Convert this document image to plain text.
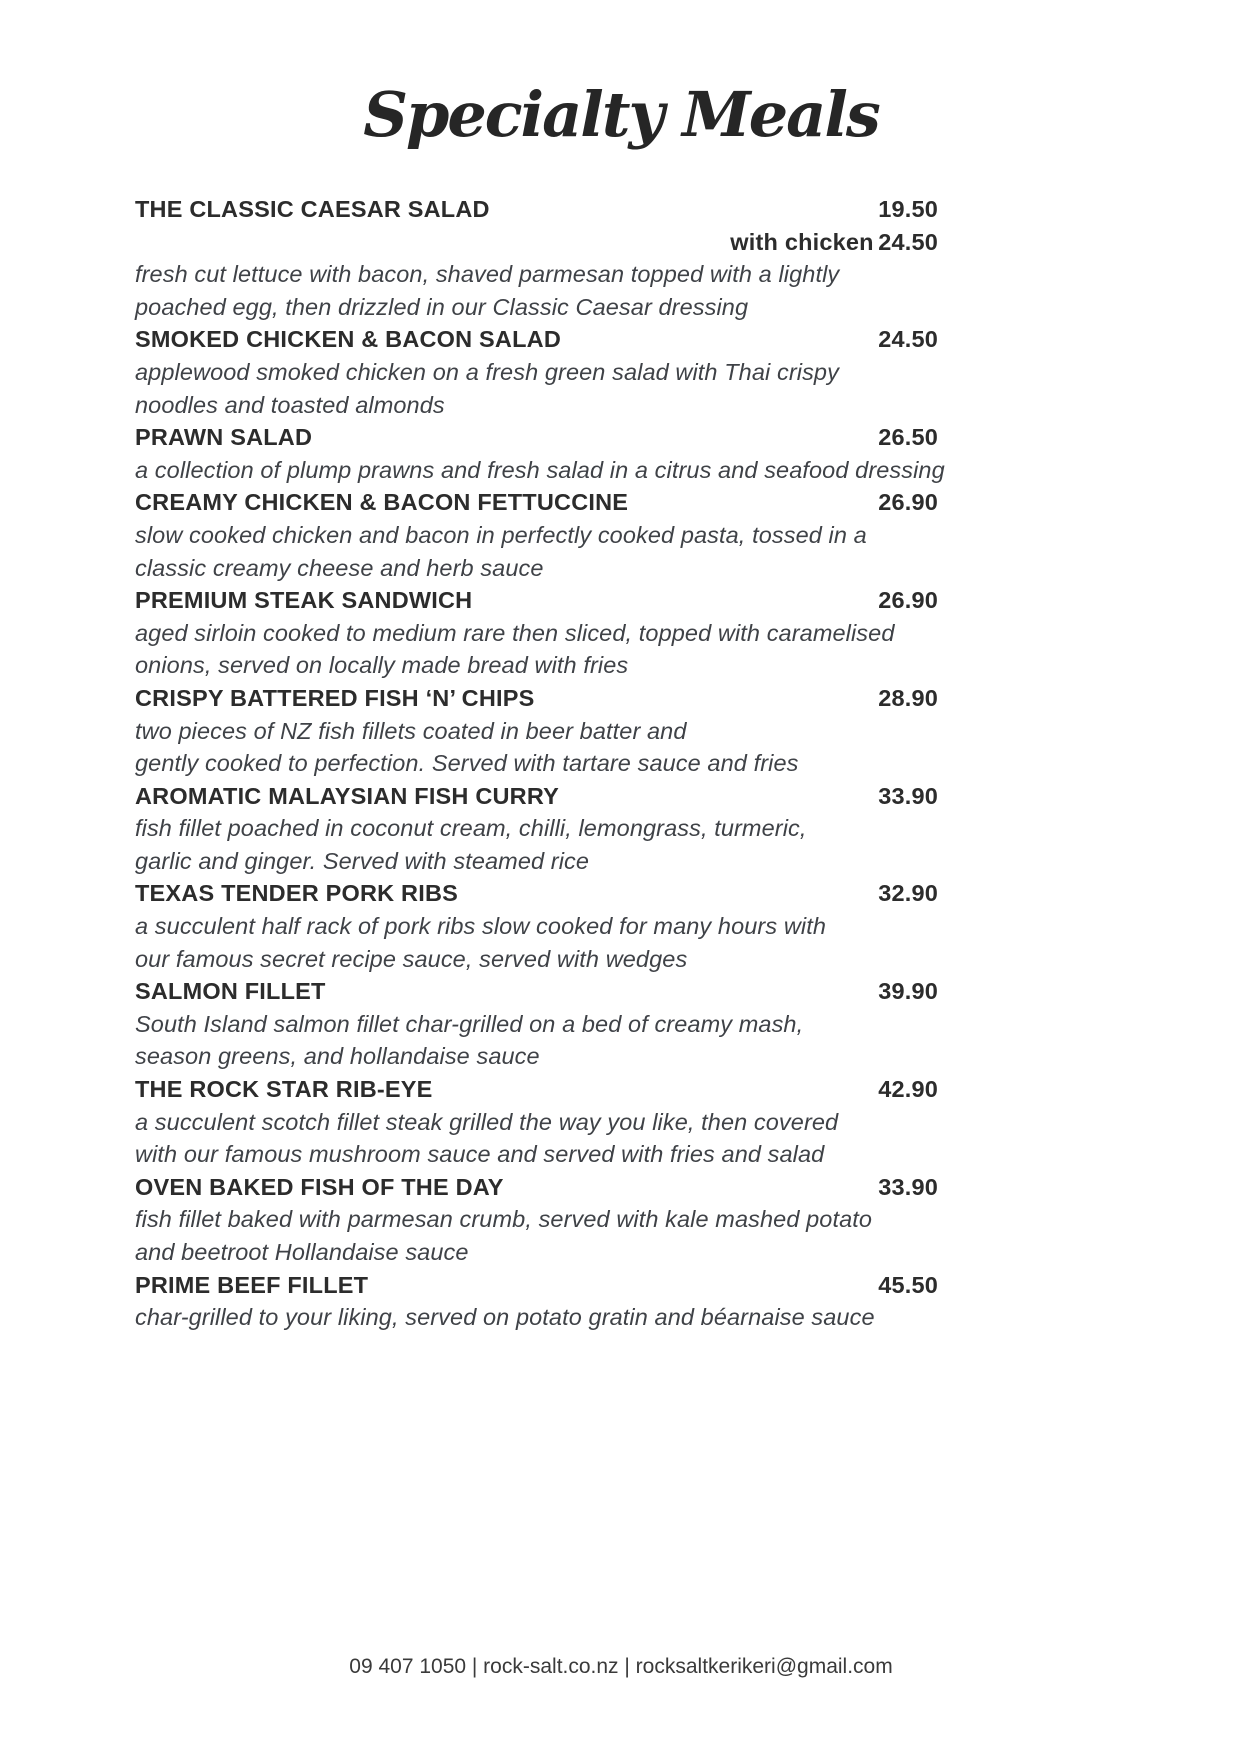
Specialty Meals
THE CLASSIC CAESAR SALAD	19.50
with chicken 24.50
fresh cut lettuce with bacon, shaved parmesan topped with a lightly
poached egg, then drizzled in our Classic Caesar dressing
SMOKED CHICKEN & BACON SALAD	24.50
applewood smoked chicken on a fresh green salad with Thai crispy
noodles and toasted almonds
PRAWN SALAD	26.50
a collection of plump prawns and fresh salad in a citrus and seafood dressing
CREAMY CHICKEN & BACON FETTUCCINE	26.90
slow cooked chicken and bacon in perfectly cooked pasta, tossed in a
classic creamy cheese and herb sauce
PREMIUM STEAK SANDWICH	26.90
aged sirloin cooked to medium rare then sliced, topped with caramelised
onions, served on locally made bread with fries
CRISPY BATTERED FISH ‘N’ CHIPS	28.90
two pieces of NZ fish fillets coated in beer batter and
gently cooked to perfection. Served with tartare sauce and fries
AROMATIC MALAYSIAN FISH CURRY	33.90
fish fillet poached in coconut cream, chilli, lemongrass, turmeric,
garlic and ginger. Served with steamed rice
TEXAS TENDER PORK RIBS	32.90
a succulent half rack of pork ribs slow cooked for many hours with
our famous secret recipe sauce, served with wedges
SALMON FILLET	39.90
South Island salmon fillet char-grilled on a bed of creamy mash,
season greens, and hollandaise sauce
THE ROCK STAR RIB-EYE	42.90
a succulent scotch fillet steak grilled the way you like, then covered
with our famous mushroom sauce and served with fries and salad
OVEN BAKED FISH OF THE DAY	33.90
fish fillet baked with parmesan crumb, served with kale mashed potato
and beetroot Hollandaise sauce
PRIME BEEF FILLET	45.50
char-grilled to your liking, served on potato gratin and béarnaise sauce
09 407 1050 | rock-salt.co.nz | rocksaltkerikeri@gmail.com
